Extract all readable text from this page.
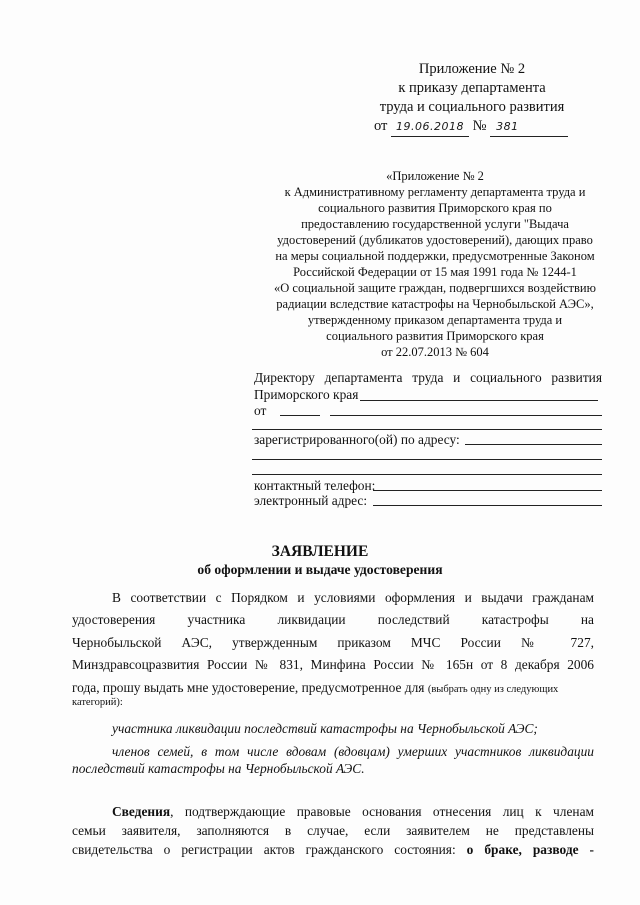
Приложение № 2
к приказу департамента
труда и социального развития
от 19.06.2018 № 381
«Приложение № 2
к Административному регламенту департамента труда и
социального развития Приморского края по
предоставлению государственной услуги "Выдача
удостоверений (дубликатов удостоверений), дающих право
на меры социальной поддержки, предусмотренные Законом
Российской Федерации от 15 мая 1991 года № 1244-1
«О социальной защите граждан, подвергшихся воздействию
радиации вследствие катастрофы на Чернобыльской АЭС»,
утвержденному приказом департамента труда и
социального развития Приморского края
от 22.07.2013 № 604
Директору департамента труда и социального развития
Приморского края
от
зарегистрированного(ой) по адресу:
контактный телефон:
электронный адрес:
ЗАЯВЛЕНИЕ
об оформлении и выдаче удостоверения
В соответствии с Порядком и условиями оформления и выдачи гражданам
удостоверения участника ликвидации последствий катастрофы на
Чернобыльской АЭС, утвержденным приказом МЧС России № 727,
Минздравсоцразвития России № 831, Минфина России № 165н от 8 декабря 2006
года, прошу выдать мне удостоверение, предусмотренное для (выбрать одну из следующих
категорий):
участника ликвидации последствий катастрофы на Чернобыльской АЭС;
членов семей, в том числе вдовам (вдовцам) умерших участников ликвидации
последствий катастрофы на Чернобыльской АЭС.
Сведения, подтверждающие правовые основания отнесения лиц к членам
семьи заявителя, заполняются в случае, если заявителем не представлены
свидетельства о регистрации актов гражданского состояния: о браке, разводе -
